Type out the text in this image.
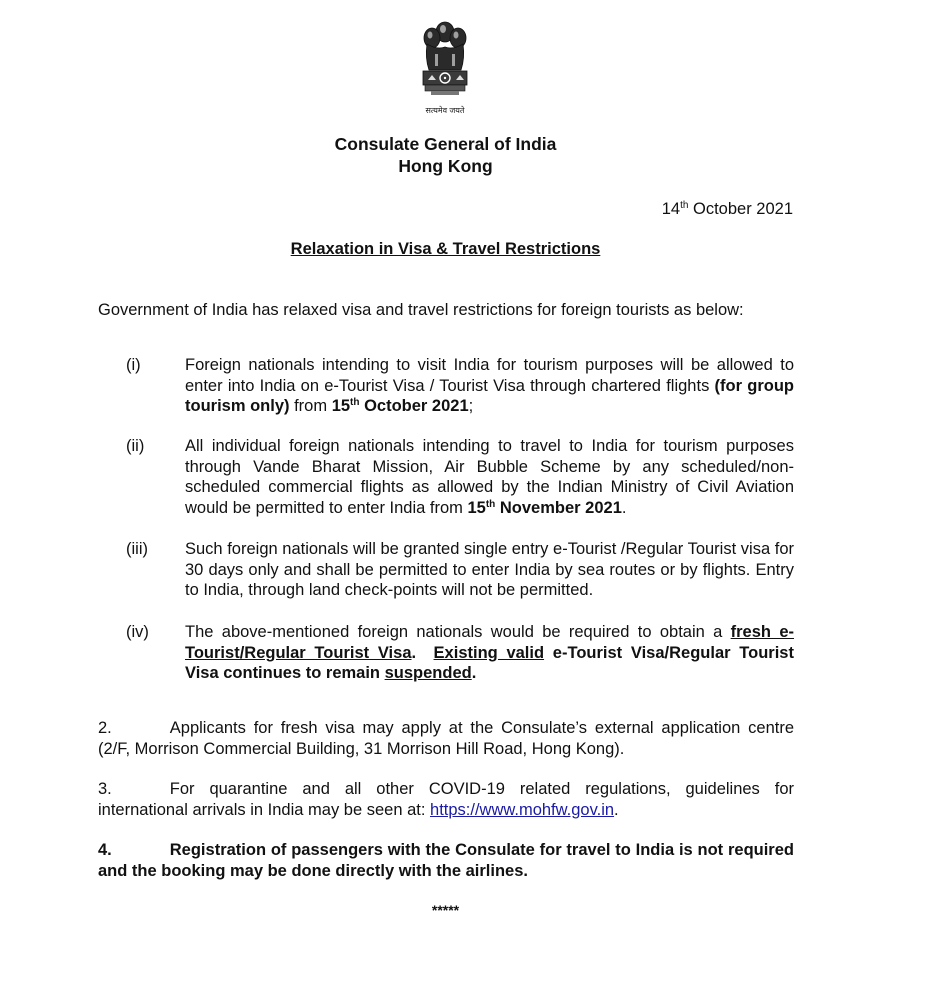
सत्यमेव जयते
Consulate General of India
Hong Kong
14th October 2021
Relaxation in Visa & Travel Restrictions
Government of India has relaxed visa and travel restrictions for foreign tourists as below:
(i)	Foreign nationals intending to visit India for tourism purposes will be allowed to enter into India on e-Tourist Visa / Tourist Visa through chartered flights (for group tourism only) from 15th October 2021;
(ii) All individual foreign nationals intending to travel to India for tourism purposes through Vande Bharat Mission, Air Bubble Scheme by any scheduled/non-scheduled commercial flights as allowed by the Indian Ministry of Civil Aviation would be permitted to enter India from 15th November 2021.
(iii) Such foreign nationals will be granted single entry e-Tourist /Regular Tourist visa for 30 days only and shall be permitted to enter India by sea routes or by flights. Entry to India, through land check-points will not be permitted.
(iv) The above-mentioned foreign nationals would be required to obtain a fresh e-Tourist/Regular Tourist Visa.  Existing valid e-Tourist Visa/Regular Tourist Visa continues to remain suspended.
2.	Applicants for fresh visa may apply at the Consulate’s external application centre (2/F, Morrison Commercial Building, 31 Morrison Hill Road, Hong Kong).
3.	For quarantine and all other COVID-19 related regulations, guidelines for international arrivals in India may be seen at: https://www.mohfw.gov.in.
4.	Registration of passengers with the Consulate for travel to India is not required and the booking may be done directly with the airlines.
*****
